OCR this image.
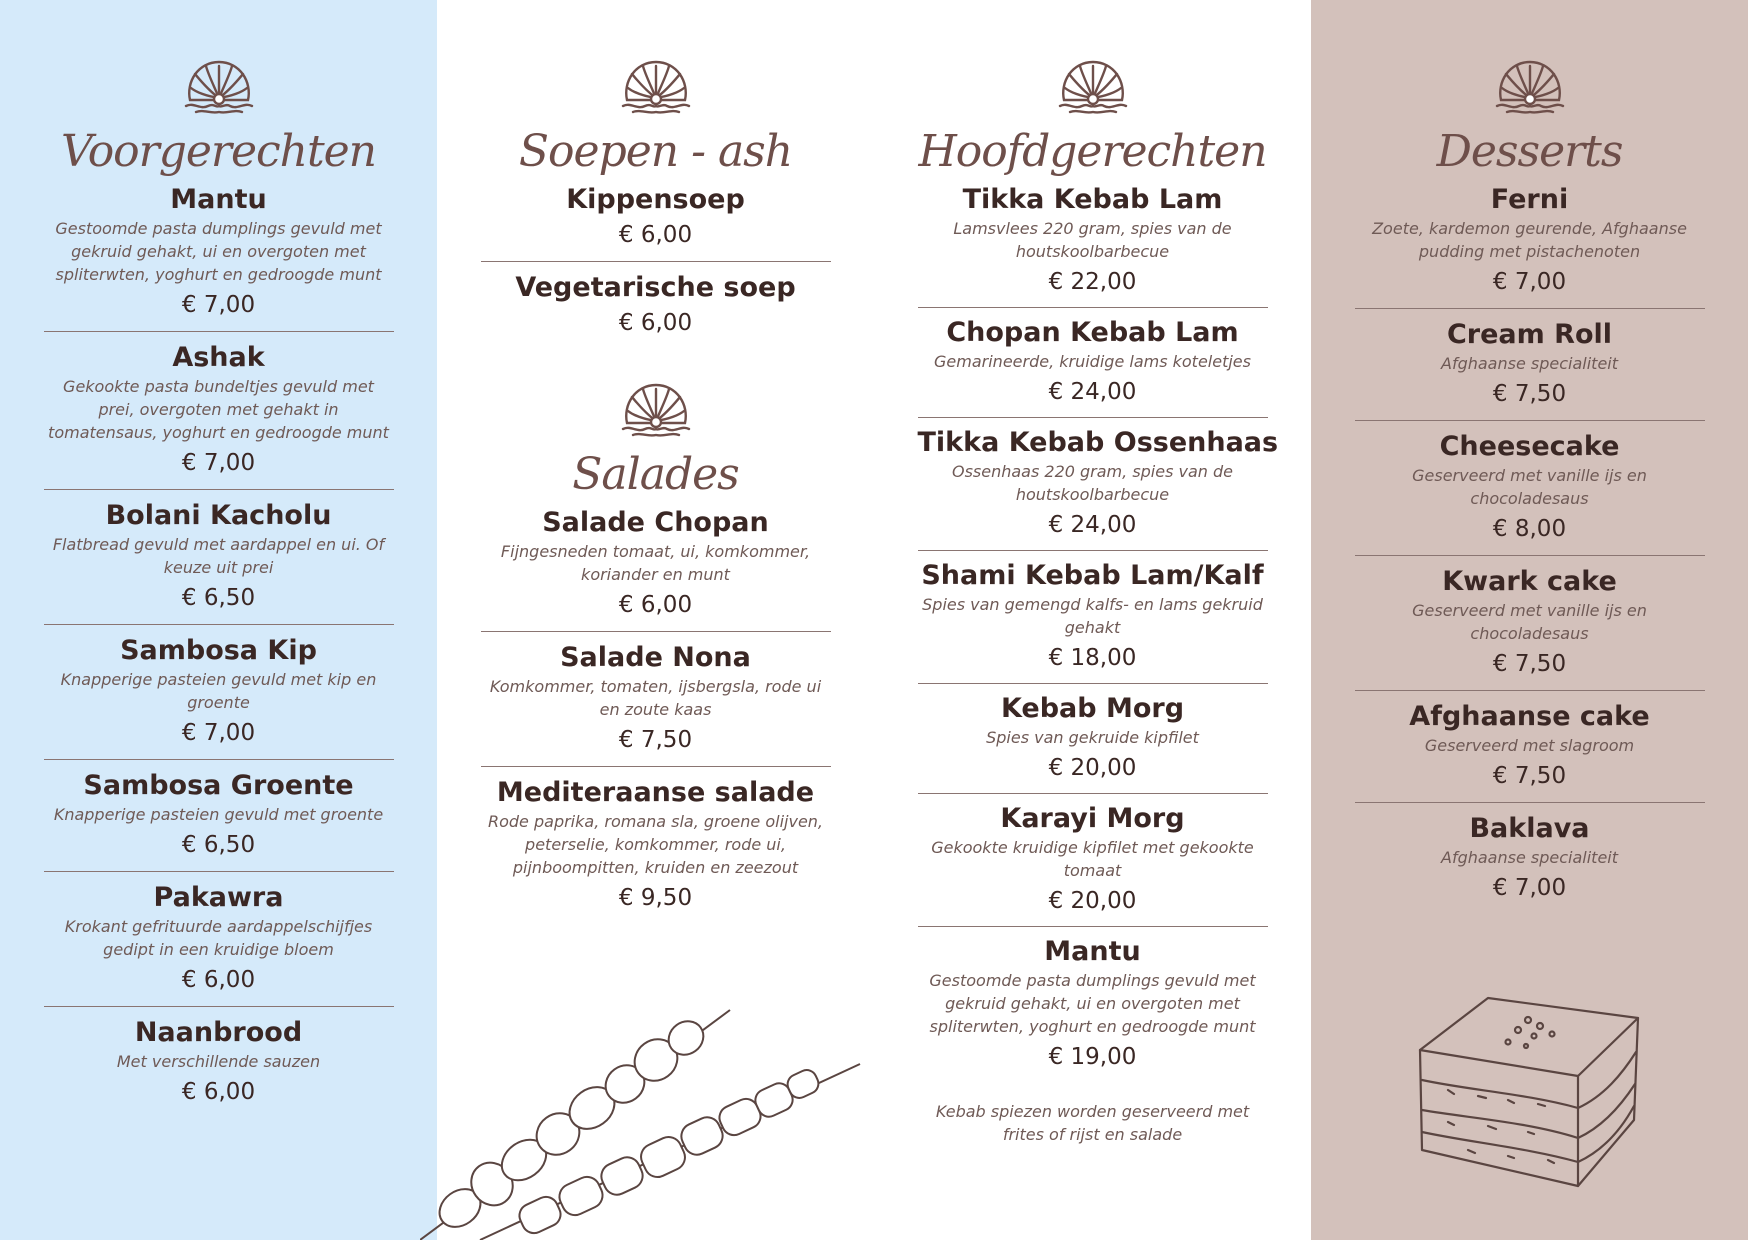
Voorgerechten
Mantu
Gestoomde pasta dumplings gevuld met gekruid gehakt, ui en overgoten met spliterwten, yoghurt en gedroogde munt
€ 7,00
Ashak
Gekookte pasta bundeltjes gevuld met prei, overgoten met gehakt in tomatensaus, yoghurt en gedroogde munt
€ 7,00
Bolani Kacholu
Flatbread gevuld met aardappel en ui. Of keuze uit prei
€ 6,50
Sambosa Kip
Knapperige pasteien gevuld met kip en groente
€ 7,00
Sambosa Groente
Knapperige pasteien gevuld met groente
€ 6,50
Pakawra
Krokant gefrituurde aardappelschijfjes gedipt in een kruidige bloem
€ 6,00
Naanbrood
Met verschillende sauzen
€ 6,00
Soepen - ash
Kippensoep
€ 6,00
Vegetarische soep
€ 6,00
Salades
Salade Chopan
Fijngesneden tomaat, ui, komkommer, koriander en munt
€ 6,00
Salade Nona
Komkommer, tomaten, ijsbergsla, rode ui en zoute kaas
€ 7,50
Mediteraanse salade
Rode paprika, romana sla, groene olijven, peterselie, komkommer, rode ui, pijnboompitten, kruiden en zeezout
€ 9,50
Hoofdgerechten
Tikka Kebab Lam
Lamsvlees 220 gram, spies van de houtskoolbarbecue
€ 22,00
Chopan Kebab Lam
Gemarineerde, kruidige lams koteletjes
€ 24,00
Tikka Kebab Ossenhaas
Ossenhaas 220 gram, spies van de houtskoolbarbecue
€ 24,00
Shami Kebab Lam/Kalf
Spies van gemengd kalfs- en lams gekruid gehakt
€ 18,00
Kebab Morg
Spies van gekruide kipfilet
€ 20,00
Karayi Morg
Gekookte kruidige kipfilet met gekookte tomaat
€ 20,00
Mantu
Gestoomde pasta dumplings gevuld met gekruid gehakt, ui en overgoten met spliterwten, yoghurt en gedroogde munt
€ 19,00
Kebab spiezen worden geserveerd met frites of rijst en salade
Desserts
Ferni
Zoete, kardemon geurende, Afghaanse pudding met pistachenoten
€ 7,00
Cream Roll
Afghaanse specialiteit
€ 7,50
Cheesecake
Geserveerd met vanille ijs en chocoladesaus
€ 8,00
Kwark cake
Geserveerd met vanille ijs en chocoladesaus
€ 7,50
Afghaanse cake
Geserveerd met slagroom
€ 7,50
Baklava
Afghaanse specialiteit
€ 7,00
